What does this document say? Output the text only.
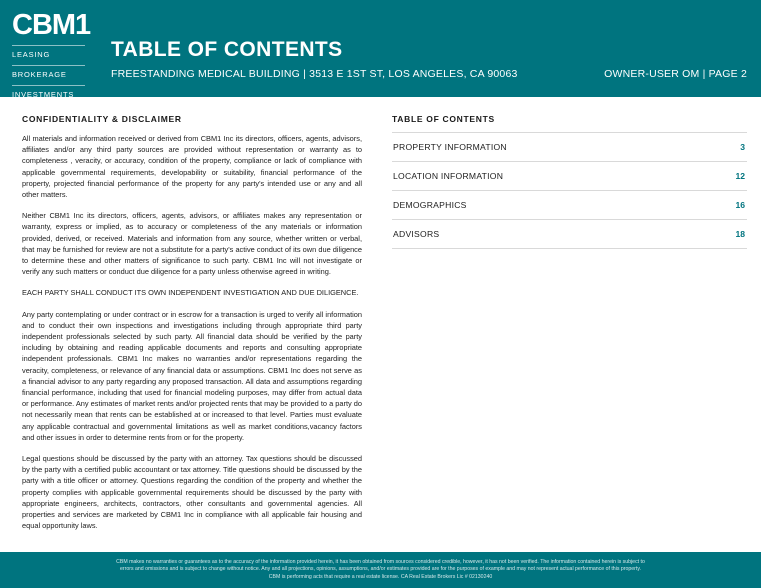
CBM1
LEASING
BROKERAGE
INVESTMENTS
TABLE OF CONTENTS
FREESTANDING MEDICAL BUILDING | 3513 E 1ST ST, LOS ANGELES, CA 90063	OWNER-USER OM | PAGE 2
CONFIDENTIALITY & DISCLAIMER
All materials and information received or derived from CBM1 Inc its directors, officers, agents, advisors, affiliates and/or any third party sources are provided without representation or warranty as to completeness , veracity, or accuracy, condition of the property, compliance or lack of compliance with applicable governmental requirements, developability or suitability, financial performance of the property, projected financial performance of the property for any party's intended use or any and all other matters.
Neither CBM1 Inc its directors, officers, agents, advisors, or affiliates makes any representation or warranty, express or implied, as to accuracy or completeness of the any materials or information provided, derived, or received. Materials and information from any source, whether written or verbal, that may be furnished for review are not a substitute for a party's active conduct of its own due diligence to determine these and other matters of significance to such party. CBM1 Inc will not investigate or verify any such matters or conduct due diligence for a party unless otherwise agreed in writing.
EACH PARTY SHALL CONDUCT ITS OWN INDEPENDENT INVESTIGATION AND DUE DILIGENCE.
Any party contemplating or under contract or in escrow for a transaction is urged to verify all information and to conduct their own inspections and investigations including through appropriate third party independent professionals selected by such party. All financial data should be verified by the party including by obtaining and reading applicable documents and reports and consulting appropriate independent professionals. CBM1 Inc makes no warranties and/or representations regarding the veracity, completeness, or relevance of any financial data or assumptions. CBM1 Inc does not serve as a financial advisor to any party regarding any proposed transaction. All data and assumptions regarding financial performance, including that used for financial modeling purposes, may differ from actual data or performance. Any estimates of market rents and/or projected rents that may be provided to a party do not necessarily mean that rents can be established at or increased to that level. Parties must evaluate any applicable contractual and governmental limitations as well as market conditions,vacancy factors and other issues in order to determine rents from or for the property.
Legal questions should be discussed by the party with an attorney. Tax questions should be discussed by the party with a certified public accountant or tax attorney. Title questions should be discussed by the party with a title officer or attorney. Questions regarding the condition of the property and whether the property complies with applicable governmental requirements should be discussed by the party with appropriate engineers, architects, contractors, other consultants and governmental agencies. All properties and services are marketed by CBM1 Inc in compliance with all applicable fair housing and equal opportunity laws.
TABLE OF CONTENTS
PROPERTY INFORMATION	3
LOCATION INFORMATION	12
DEMOGRAPHICS	16
ADVISORS	18
CBM makes no warranties or guarantees as to the accuracy of the information provided herein, it has been obtained from sources considered credible, however, it has not been verified. The information contained herein is subject to errors and omissions and is subject to change without notice. Any and all projections, opinions, assumptions, and/or estimates provided are for the purposes of example and may not represent actual performance of this property. CBM is performing acts that require a real estate license. CA Real Estate Brokers Lic # 02130240
